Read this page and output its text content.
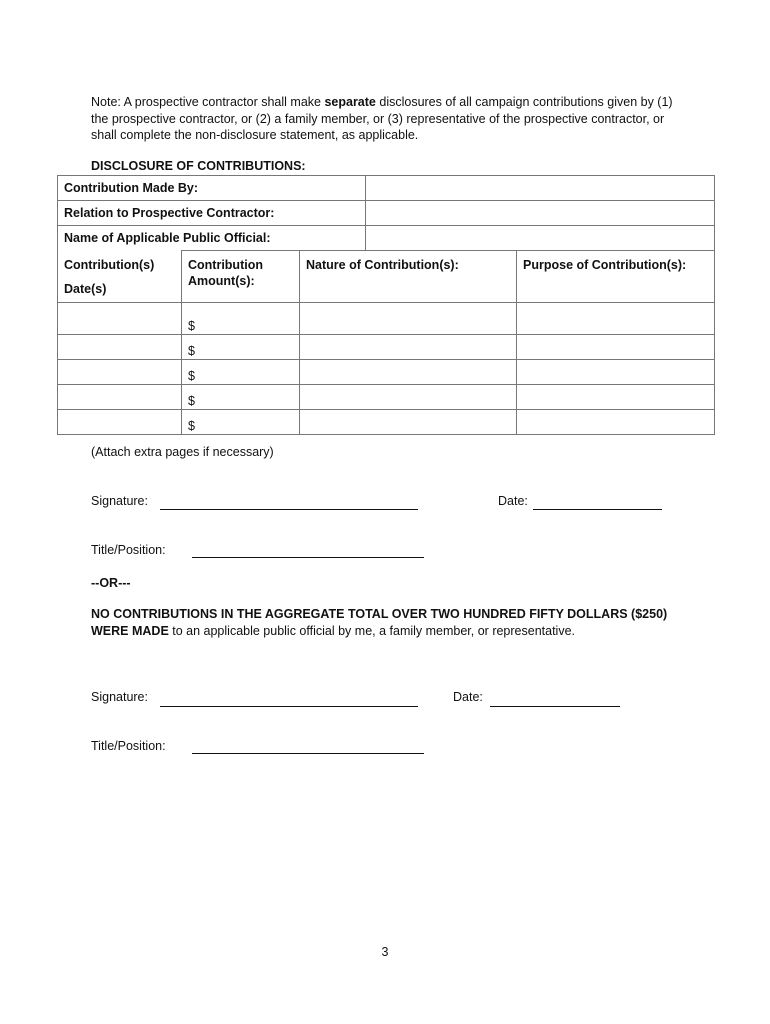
Note: A prospective contractor shall make separate disclosures of all campaign contributions given by (1) the prospective contractor, or (2) a family member, or (3) representative of the prospective contractor, or shall complete the non-disclosure statement, as applicable.
DISCLOSURE OF CONTRIBUTIONS:
Contribution Made By:				
Relation to Prospective Contractor:				
Name of Applicable Public Official:				
Contribution(s)
Date(s)	Contribution Amount(s):	Nature of Contribution(s):		Purpose of Contribution(s):
	$			
	$			
	$			
	$			
	$			
(Attach extra pages if necessary)
Signature:	Date:
Title/Position:
--OR---
NO CONTRIBUTIONS IN THE AGGREGATE TOTAL OVER TWO HUNDRED FIFTY DOLLARS ($250) WERE MADE to an applicable public official by me, a family member, or representative.
Signature:	Date:
Title/Position:
3
